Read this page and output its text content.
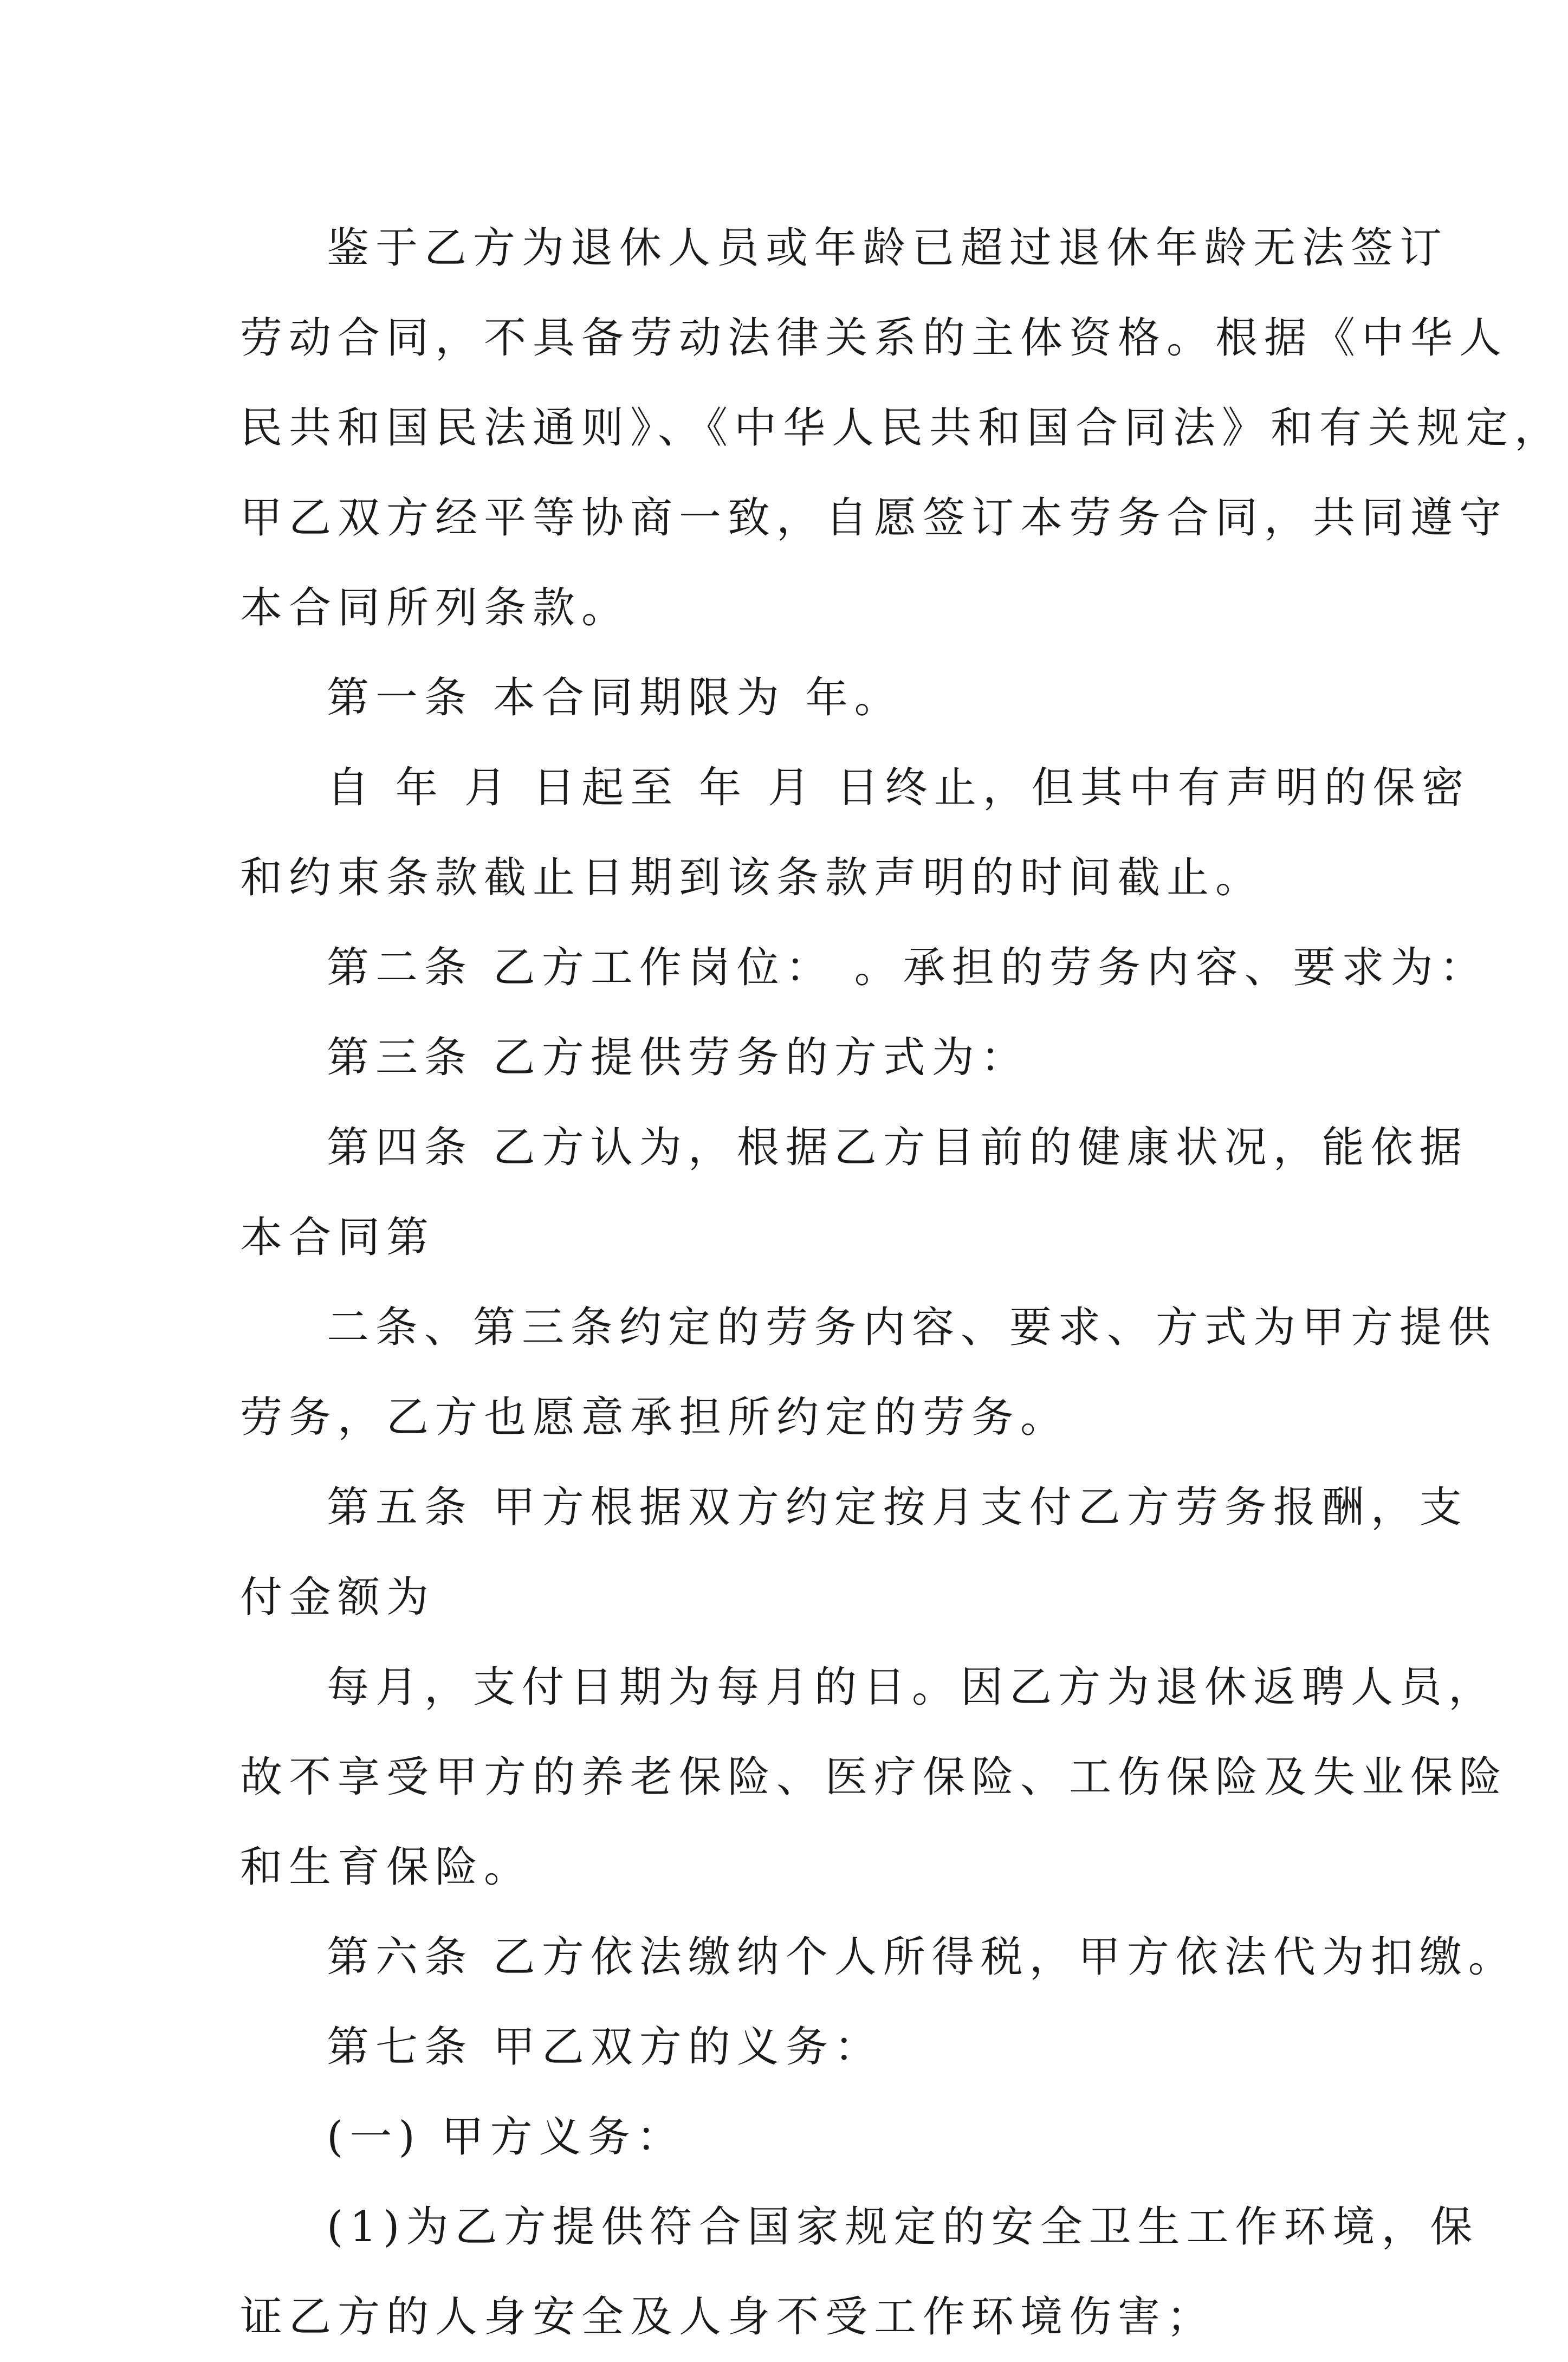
鉴于乙方为退休人员或年龄已超过退休年龄无法签订
劳动合同，不具备劳动法律关系的主体资格。根据《中华人
民共和国民法通则》、《中华人民共和国合同法》和有关规定，
甲乙双方经平等协商一致，自愿签订本劳务合同，共同遵守
本合同所列条款。
第一条 本合同期限为 年。
自 年 月 日起至 年 月 日终止，但其中有声明的保密
和约束条款截止日期到该条款声明的时间截止。
第二条 乙方工作岗位： 。承担的劳务内容、要求为：
第三条 乙方提供劳务的方式为：
第四条 乙方认为，根据乙方目前的健康状况，能依据
本合同第
二条、第三条约定的劳务内容、要求、方式为甲方提供
劳务，乙方也愿意承担所约定的劳务。
第五条 甲方根据双方约定按月支付乙方劳务报酬，支
付金额为
每月，支付日期为每月的日。因乙方为退休返聘人员，
故不享受甲方的养老保险、医疗保险、工伤保险及失业保险
和生育保险。
第六条 乙方依法缴纳个人所得税，甲方依法代为扣缴。
第七条 甲乙双方的义务：
(一) 甲方义务：
(1)为乙方提供符合国家规定的安全卫生工作环境，保
证乙方的人身安全及人身不受工作环境伤害；
